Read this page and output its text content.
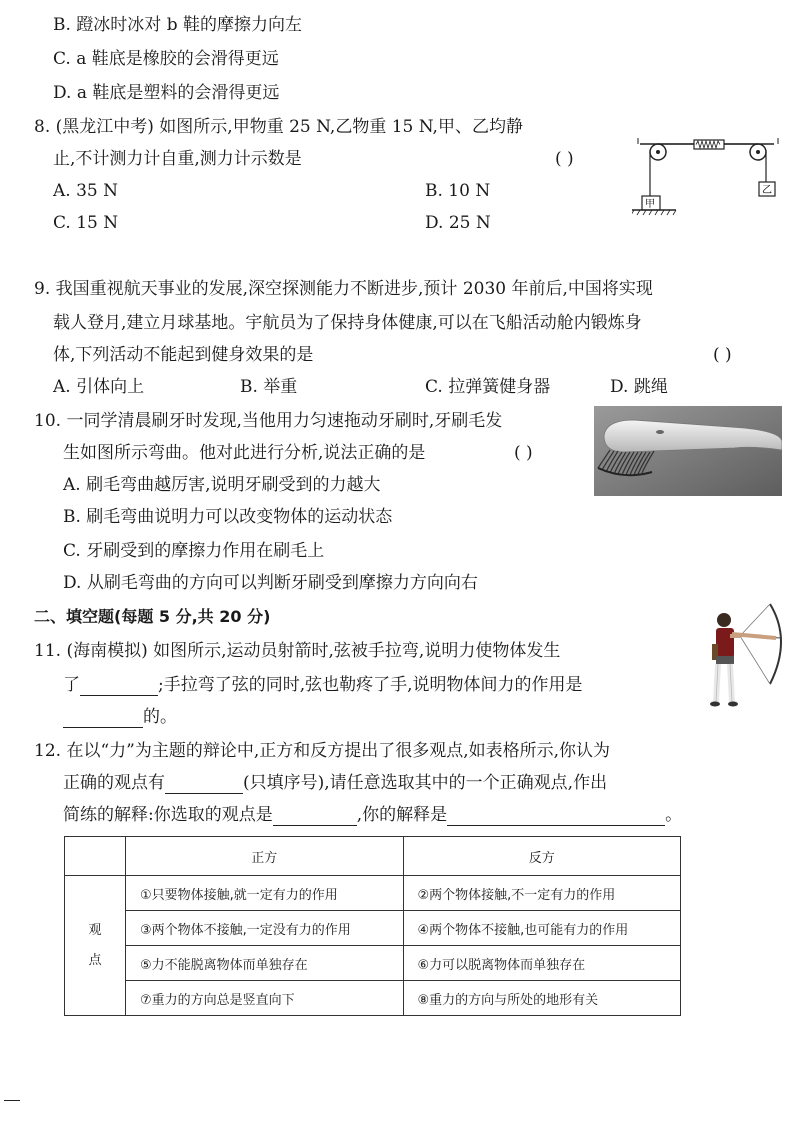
B. 蹬冰时冰对 b 鞋的摩擦力向左
C. a 鞋底是橡胶的会滑得更远
D. a 鞋底是塑料的会滑得更远
8. (黑龙江中考) 如图所示,甲物重 25 N,乙物重 15 N,甲、乙均静
止,不计测力计自重,测力计示数是	( )
A. 35 N	B. 10 N
C. 15 N	D. 25 N
甲
乙
9. 我国重视航天事业的发展,深空探测能力不断进步,预计 2030 年前后,中国将实现
载人登月,建立月球基地。宇航员为了保持身体健康,可以在飞船活动舱内锻炼身
体,下列活动不能起到健身效果的是	( )
A. 引体向上	B. 举重	C. 拉弹簧健身器	D. 跳绳
10. 一同学清晨刷牙时发现,当他用力匀速拖动牙刷时,牙刷毛发
生如图所示弯曲。他对此进行分析,说法正确的是	( )
A. 刷毛弯曲越厉害,说明牙刷受到的力越大
B. 刷毛弯曲说明力可以改变物体的运动状态
C. 牙刷受到的摩擦力作用在刷毛上
D. 从刷毛弯曲的方向可以判断牙刷受到摩擦力方向向右
二、填空题(每题 5 分,共 20 分)
11. (海南模拟) 如图所示,运动员射箭时,弦被手拉弯,说明力使物体发生
了	;手拉弯了弦的同时,弦也勒疼了手,说明物体间力的作用是
的。
12. 在以“力”为主题的辩论中,正方和反方提出了很多观点,如表格所示,你认为
正确的观点有	(只填序号),请任意选取其中的一个正确观点,作出
简练的解释:你选取的观点是	,你的解释是	。
	正方	反方
观点	①只要物体接触,就一定有力的作用	②两个物体接触,不一定有力的作用
	③两个物体不接触,一定没有力的作用	④两个物体不接触,也可能有力的作用
	⑤力不能脱离物体而单独存在	⑥力可以脱离物体而单独存在
	⑦重力的方向总是竖直向下	⑧重力的方向与所处的地形有关
